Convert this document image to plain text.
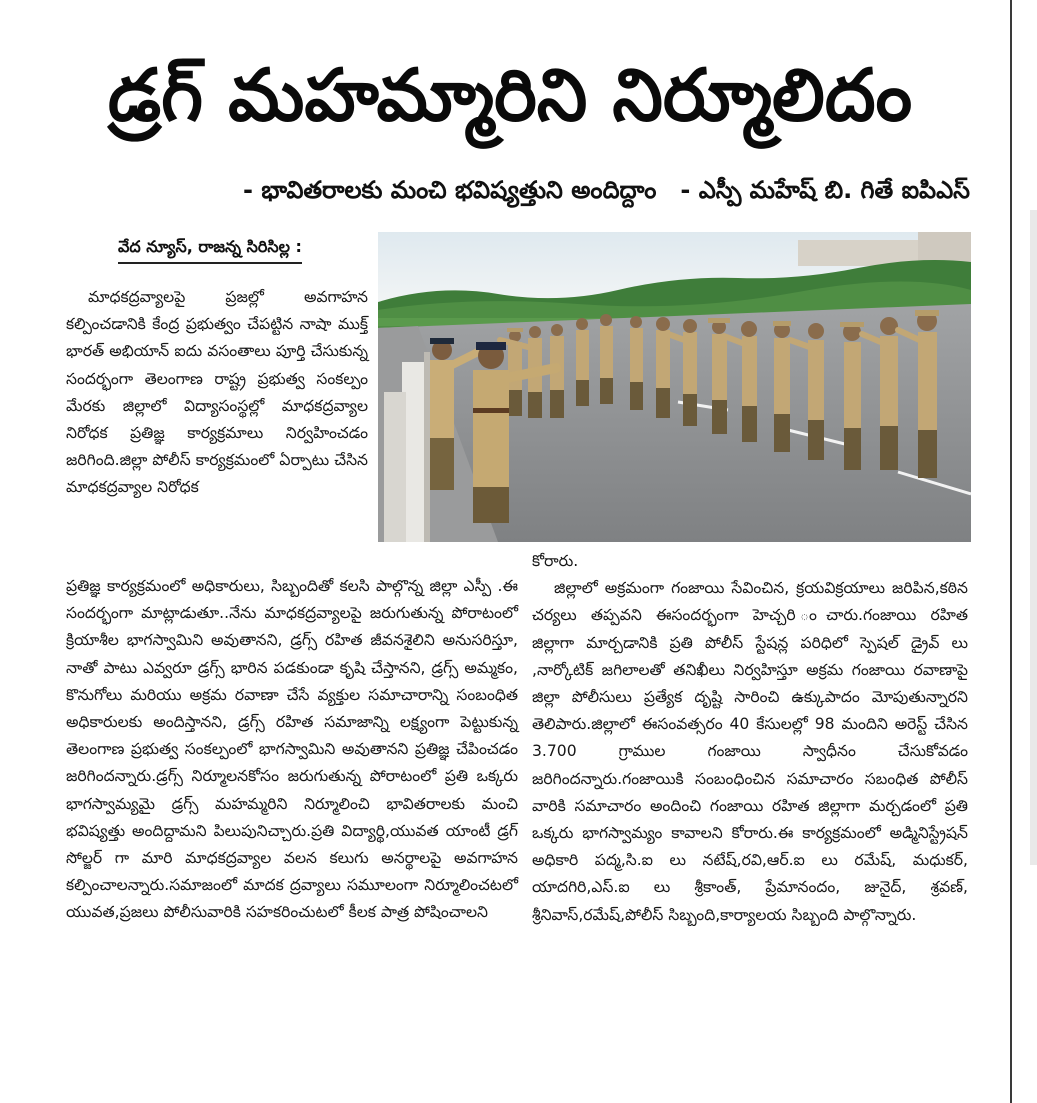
డ్రగ్ మహమ్మారిని నిర్మూలిదం
- భావితరాలకు మంచి భవిష్యత్తుని అందిద్దాం - ఎస్పీ మహేష్ బి. గితే ఐపిఎస్
వేద న్యూస్, రాజన్న సిరిసిల్ల :

మాధకద్రవ్యాలపై ప్రజల్లో అవగాహన కల్పించడానికి కేంద్ర ప్రభుత్వం చేపట్టిన నాషా ముక్త్ భారత్ అభియాన్ ఐదు వసంతాలు పూర్తి చేసుకున్న సందర్భంగా తెలంగాణ రాష్ట్ర ప్రభుత్వ సంకల్పం మేరకు జిల్లాలో విద్యాసంస్థల్లో మాధకద్రవ్యాల నిరోధక ప్రతిజ్ఞ కార్యక్రమాలు నిర్వహించడం జరిగింది.జిల్లా పోలీస్ కార్యక్రమంలో ఏర్పాటు చేసిన మాధకద్రవ్యాల నిరోధక

ప్రతిజ్ఞ కార్యక్రమంలో అధికారులు, సిబ్బందితో కలసి పాల్గొన్న జిల్లా ఎస్పీ .ఈ సందర్భంగా మాట్లాడుతూ..నేను మాధకద్రవ్యాలపై జరుగుతున్న పోరాటంలో క్రియాశీల భాగస్వామిని అవుతానని, డ్రగ్స్ రహిత జీవనశైలిని అనుసరిస్తూ, నాతో పాటు ఎవ్వరూ డ్రగ్స్ భారిన పడకుండా కృషి చేస్తానని, డ్రగ్స్ అమ్మకం, కొనుగోలు మరియు అక్రమ రవాణా చేసే వ్యక్తుల సమాచారాన్ని సంబంధిత అధికారులకు అందిస్తానని, డ్రగ్స్ రహిత సమాజాన్ని లక్ష్యంగా పెట్టుకున్న తెలంగాణ ప్రభుత్వ సంకల్పంలో భాగస్వామిని అవుతానని ప్రతిజ్ఞ చేపించడం జరిగిందన్నారు.డ్రగ్స్ నిర్మూలనకోసం జరుగుతున్న పోరాటంలో ప్రతి ఒక్కరు భాగస్వామ్యమై డ్రగ్స్ మహమ్మరిని నిర్మూలించి భావితరాలకు మంచి భవిష్యత్తు అందిద్దామని పిలుపునిచ్చారు.ప్రతి విద్యార్థి,యువత యాంటీ డ్రగ్ సోల్జర్ గా మారి మాధకద్రవ్యాల వలన కలుగు అనర్థాలపై అవగాహన కల్పించాలన్నారు.సమాజంలో మాదక ద్రవ్యాలు సమూలంగా నిర్మూలించటలో యువత,ప్రజలు పోలీసువారికి సహకరించుటలో కీలక పాత్ర పోషించాలని

కోరారు.

జిల్లాలో అక్రమంగా గంజాయి సేవించిన, క్రయవిక్రయాలు జరిపిన,కఠిన చర్యలు తప్పవని ఈసందర్భంగా హెచ్చరి ంచారు.గంజాయి రహిత జిల్లాగా మార్చడానికి ప్రతి పోలీస్ స్టేషన్ల పరిధిలో స్పెషల్ డ్రైవ్ లు ,నార్కోటిక్ జగిలాలతో తనిఖీలు నిర్వహిస్తూ అక్రమ గంజాయి రవాణాపై జిల్లా పోలీసులు ప్రత్యేక దృష్టి సారించి ఉక్కుపాదం మోపుతున్నారని తెలిపారు.జిల్లాలో ఈసంవత్సరం 40 కేసులల్లో 98 మందిని అరెస్ట్ చేసిన 3.700 గ్రాముల గంజాయి స్వాధీనం చేసుకోవడం జరిగిందన్నారు.గంజాయికి సంబంధించిన సమాచారం సబంధిత పోలీస్ వారికి సమాచారం అందించి గంజాయి రహిత జిల్లాగా మర్చడంలో ప్రతి ఒక్కరు భాగస్వామ్యం కావాలని కోరారు.ఈ కార్యక్రమంలో అడ్మినిస్ట్రేషన్ అధికారి పద్మ,సి.ఐ లు నటేష్,రవి,ఆర్.ఐ లు రమేష్, మధుకర్, యాదగిరి,ఎస్.ఐ లు శ్రీకాంత్, ప్రేమానందం, జునైద్, శ్రవణ్, శ్రీనివాస్,రమేష్,పోలీస్ సిబ్బంది,కార్యాలయ సిబ్బంది పాల్గొన్నారు.
